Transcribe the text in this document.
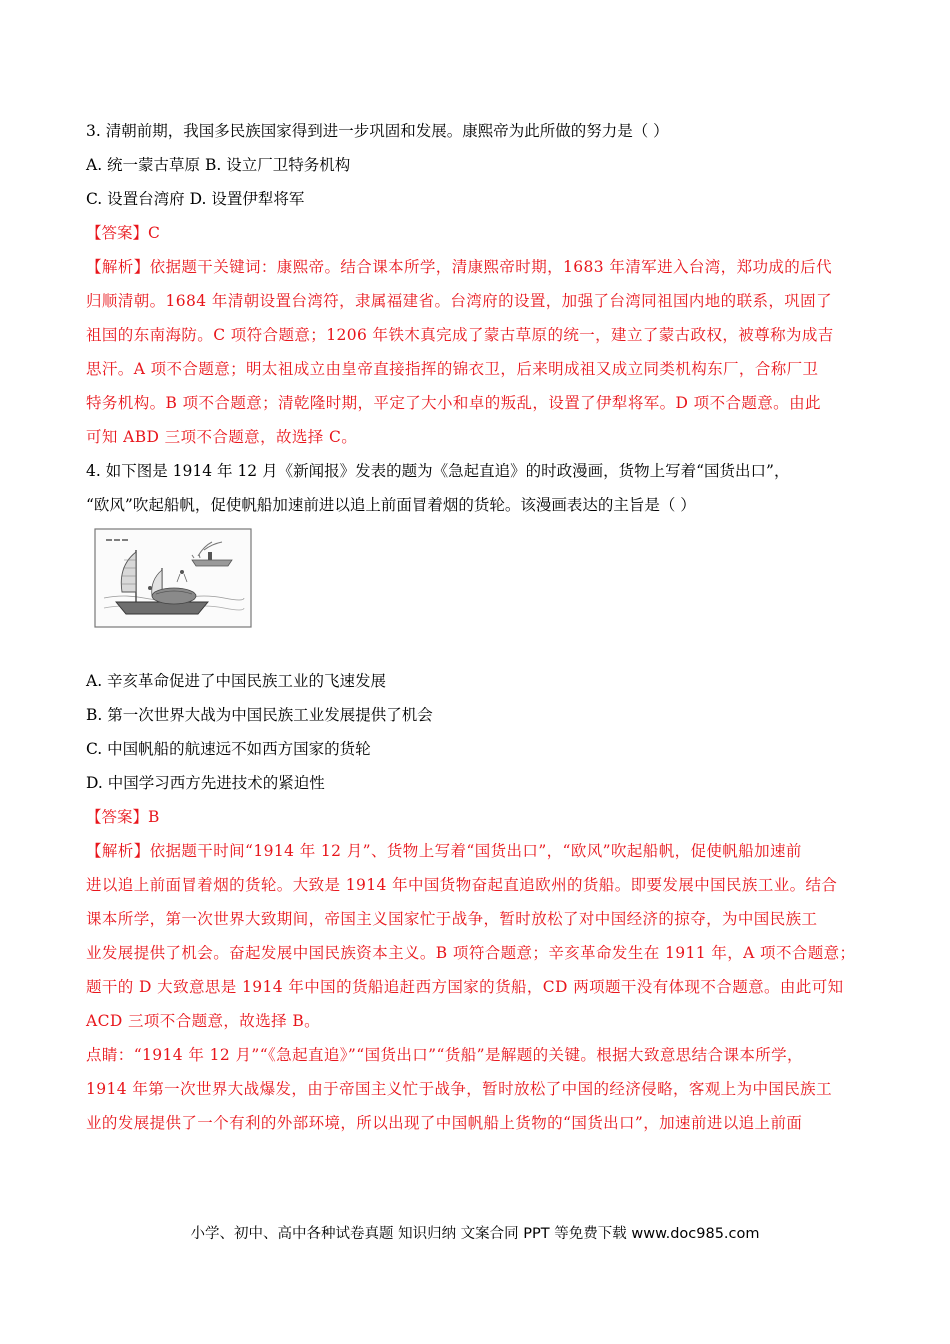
3. 清朝前期，我国多民族国家得到进一步巩固和发展。康熙帝为此所做的努力是（ ）
A. 统一蒙古草原 B. 设立厂卫特务机构
C. 设置台湾府 D. 设置伊犁将军
【答案】C
【解析】依据题干关键词：康熙帝。结合课本所学，清康熙帝时期，1683 年清军进入台湾，郑功成的后代
归顺清朝。1684 年清朝设置台湾符，隶属福建省。台湾府的设置，加强了台湾同祖国内地的联系，巩固了
祖国的东南海防。C 项符合题意；1206 年铁木真完成了蒙古草原的统一，建立了蒙古政权，被尊称为成吉
思汗。A 项不合题意；明太祖成立由皇帝直接指挥的锦衣卫，后来明成祖又成立同类机构东厂，合称厂卫
特务机构。B 项不合题意；清乾隆时期，平定了大小和卓的叛乱，设置了伊犁将军。D 项不合题意。由此
可知 ABD 三项不合题意，故选择 C。
4. 如下图是 1914 年 12 月《新闻报》发表的题为《急起直追》的时政漫画，货物上写着“国货出口”，
“欧风”吹起船帆，促使帆船加速前进以追上前面冒着烟的货轮。该漫画表达的主旨是（ ）
A. 辛亥革命促进了中国民族工业的飞速发展
B. 第一次世界大战为中国民族工业发展提供了机会
C. 中国帆船的航速远不如西方国家的货轮
D. 中国学习西方先进技术的紧迫性
【答案】B
【解析】依据题干时间“1914 年 12 月”、货物上写着“国货出口”，“欧风”吹起船帆，促使帆船加速前
进以追上前面冒着烟的货轮。大致是 1914 年中国货物奋起直追欧州的货船。即要发展中国民族工业。结合
课本所学，第一次世界大致期间，帝国主义国家忙于战争，暂时放松了对中国经济的掠夺，为中国民族工
业发展提供了机会。奋起发展中国民族资本主义。B 项符合题意；辛亥革命发生在 1911 年，A 项不合题意；
题干的 D 大致意思是 1914 年中国的货船追赶西方国家的货船，CD 两项题干没有体现不合题意。由此可知
ACD 三项不合题意，故选择 B。
点睛：“1914 年 12 月”“《急起直追》”“国货出口”“货船”是解题的关键。根据大致意思结合课本所学，
1914 年第一次世界大战爆发，由于帝国主义忙于战争，暂时放松了中国的经济侵略，客观上为中国民族工
业的发展提供了一个有利的外部环境，所以出现了中国帆船上货物的“国货出口”，加速前进以追上前面
小学、初中、高中各种试卷真题 知识归纳 文案合同 PPT 等免费下载 www.doc985.com
